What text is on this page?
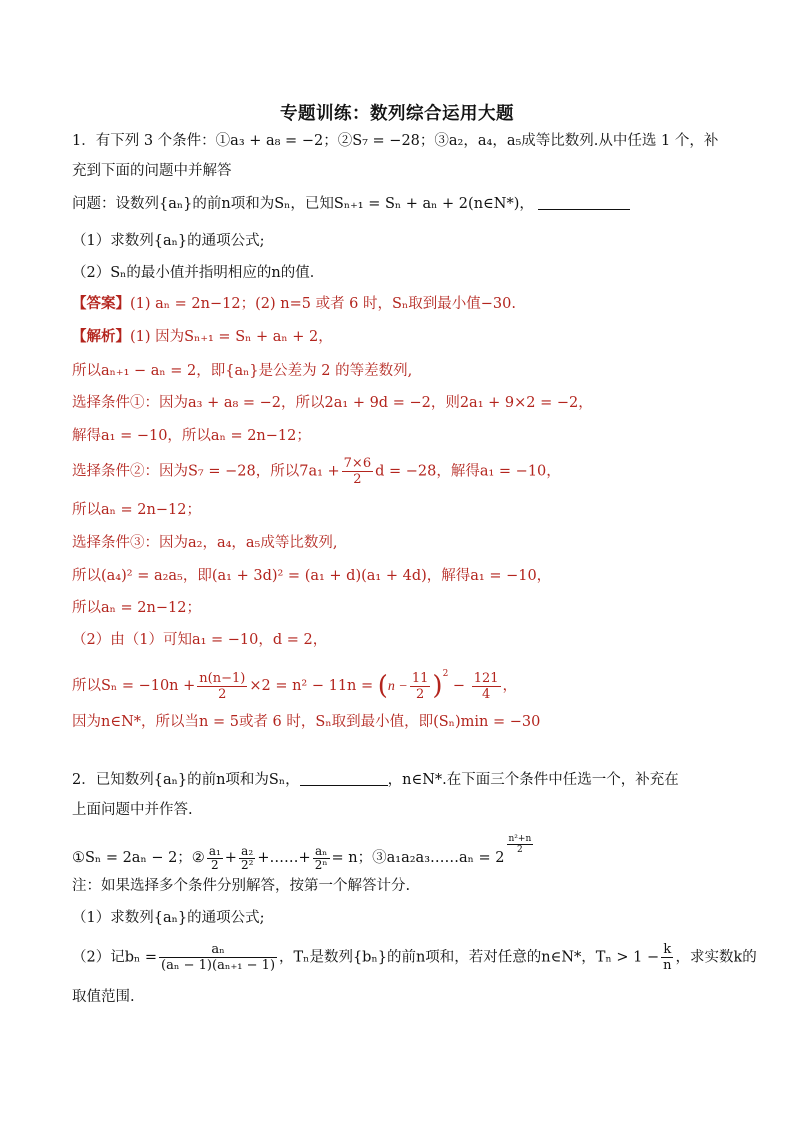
专题训练：数列综合运用大题
1．有下列 3 个条件：①a₃ + a₈ = −2；②S₇ = −28；③a₂，a₄，a₅成等比数列.从中任选 1 个，补
充到下面的问题中并解答
问题：设数列{aₙ}的前n项和为Sₙ，已知Sₙ₊₁ = Sₙ + aₙ + 2(n∈N*)，
（1）求数列{aₙ}的通项公式;
（2）Sₙ的最小值并指明相应的n的值．
【答案】(1) aₙ = 2n−12；(2) n=5 或者 6 时，Sₙ取到最小值−30.
【解析】(1) 因为Sₙ₊₁ = Sₙ + aₙ + 2，
所以aₙ₊₁ − aₙ = 2，即{aₙ}是公差为 2 的等差数列,
选择条件①：因为a₃ + a₈ = −2，所以2a₁ + 9d = −2，则2a₁ + 9×2 = −2，
解得a₁ = −10，所以aₙ = 2n−12；
选择条件②：因为S₇ = −28，所以$7a_1 + \frac{7\times 6}{2}$ d = −28，解得a₁ = −10，
所以aₙ = 2n−12；
选择条件③：因为a₂，a₄，a₅成等比数列,
所以(a₄)² = a₂a₅，即(a₁ + 3d)² = (a₁ + d)(a₁ + 4d)，解得a₁ = −10，
所以aₙ = 2n−12；
（2）由（1）可知a₁ = −10，d = 2，
所以$S_n = -10n + \frac{n(n-1)}{2} \times 2 = n^2 - 11n = (n - \frac{11}{2} )^2 - \frac{121}{4}$ ，
因为n∈N*，所以当n = 5或者 6 时，Sₙ取到最小值，即(Sₙ)min = −30
2．已知数列{aₙ}的前n项和为Sₙ，	，n∈N*.在下面三个条件中任选一个，补充在
上面问题中并作答.
①Sₙ = 2aₙ − 2；② $\frac{\text{a₁}}{2} + \frac{\text{a₂}}{\text{2²}}$ +……+ $\frac{\text{aₙ}}{\text{2ⁿ}} = n$；③a₁a₂a₃……aₙ = 2
$\frac{\text{n²+n}}{2}$
注：如果选择多个条件分别解答，按第一个解答计分.
（1）求数列{aₙ}的通项公式;
（2）记$b_n = \frac{\text{aₙ}}{\text{(aₙ − 1)(aₙ₊₁ − 1)}}$ ，Tₙ是数列{bₙ}的前n项和，若对任意的n∈N*，$T_n > 1 - \frac{k}{n}$ ，求实数k的
取值范围.
